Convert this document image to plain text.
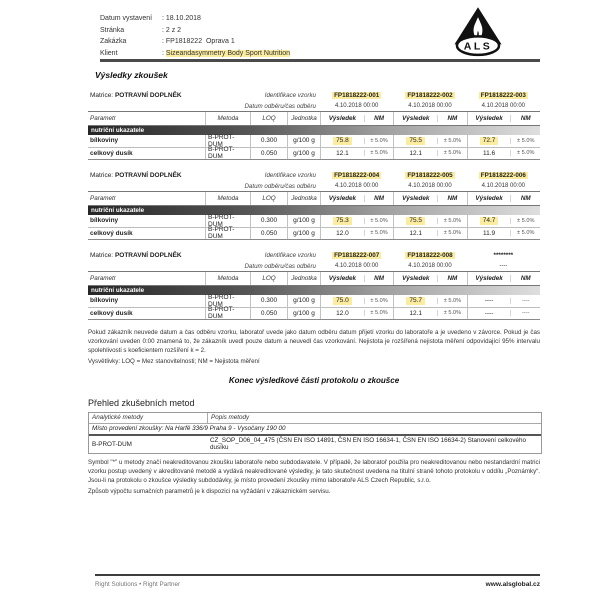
Datum vystavení	: 18.10.2018
Stránka	: 2 z 2
Zakázka	: FP1818222  Oprava 1
Klient	: Sizeandasymmetry Body Sport Nutrition
ALS
Výsledky zkoušek
Matrice: POTRAVNÍ DOPLNĚK	Identifikace vzorku	FP1818222-001	FP1818222-002	FP1818222-003
Datum odběru/čas odběru	4.10.2018 00:00	4.10.2018 00:00	4.10.2018 00:00
Parametr	Metoda	LOQ	Jednotka	Výsledek	NM	Výsledek	NM	Výsledek	NM
nutriční ukazatele
bílkoviny	B-PROT-DUM	0.300	g/100 g	75.8	± 5.0%	75.5	± 5.0%	72.7	± 5.0%
celkový dusík	B-PROT-DUM	0.050	g/100 g	12.1	± 5.0%	12.1	± 5.0%	11.6	± 5.0%
Matrice: POTRAVNÍ DOPLNĚK	Identifikace vzorku	FP1818222-004	FP1818222-005	FP1818222-006
Datum odběru/čas odběru	4.10.2018 00:00	4.10.2018 00:00	4.10.2018 00:00
Parametr	Metoda	LOQ	Jednotka	Výsledek	NM	Výsledek	NM	Výsledek	NM
nutriční ukazatele
bílkoviny	B-PROT-DUM	0.300	g/100 g	75.3	± 5.0%	75.5	± 5.0%	74.7	± 5.0%
celkový dusík	B-PROT-DUM	0.050	g/100 g	12.0	± 5.0%	12.1	± 5.0%	11.9	± 5.0%
Matrice: POTRAVNÍ DOPLNĚK	Identifikace vzorku	FP1818222-007	FP1818222-008	********
Datum odběru/čas odběru	4.10.2018 00:00	4.10.2018 00:00	----
Parametr	Metoda	LOQ	Jednotka	Výsledek	NM	Výsledek	NM	Výsledek	NM
nutriční ukazatele
bílkoviny	B-PROT-DUM	0.300	g/100 g	75.0	± 5.0%	75.7	± 5.0%	----	----
celkový dusík	B-PROT-DUM	0.050	g/100 g	12.0	± 5.0%	12.1	± 5.0%	----	----

Pokud zákazník neuvede datum a čas odběru vzorku, laboratoř uvede jako datum odběru datum přijetí vzorku do laboratoře a je uvedeno v závorce. Pokud je čas vzorkování uveden 0:00 znamená to, že zákazník uvedl pouze datum a neuvedl čas vzorkování. Nejistota je rozšířená nejistota měření odpovídající 95% intervalu spolehlivosti s koeficientem rozšíření k = 2.

Vysvětlivky: LOQ = Mez stanovitelnosti; NM = Nejistota měření

Konec výsledkové části protokolu o zkoušce

Přehled zkušebních metod
Analytické metody	Popis metody
Místo provedení zkoušky: Na Harfě 336/9 Praha 9 - Vysočany 190 00
B-PROT-DUM	CZ_SOP_D06_04_475 (ČSN EN ISO 14891, ČSN EN ISO 16634-1, ČSN EN ISO 16634-2) Stanovení celkového dusíku

Symbol "*" u metody značí neakreditovanou zkoušku laboratoře nebo subdodavatele. V případě, že laboratoř použila pro neakreditovanou nebo nestandardní matrici vzorku postup uvedený v akreditované metodě a vydává neakreditované výsledky, je tato skutečnost uvedena na titulní straně tohoto protokolu v oddílu „Poznámky“. Jsou-li na protokolu o zkoušce výsledky subdodávky, je místo provedení zkoušky mimo laboratoře ALS Czech Republic, s.r.o.

Způsob výpočtu sumačních parametrů je k dispozici na vyžádání v zákaznickém servisu.

Right Solutions • Right Partner	www.alsglobal.cz
